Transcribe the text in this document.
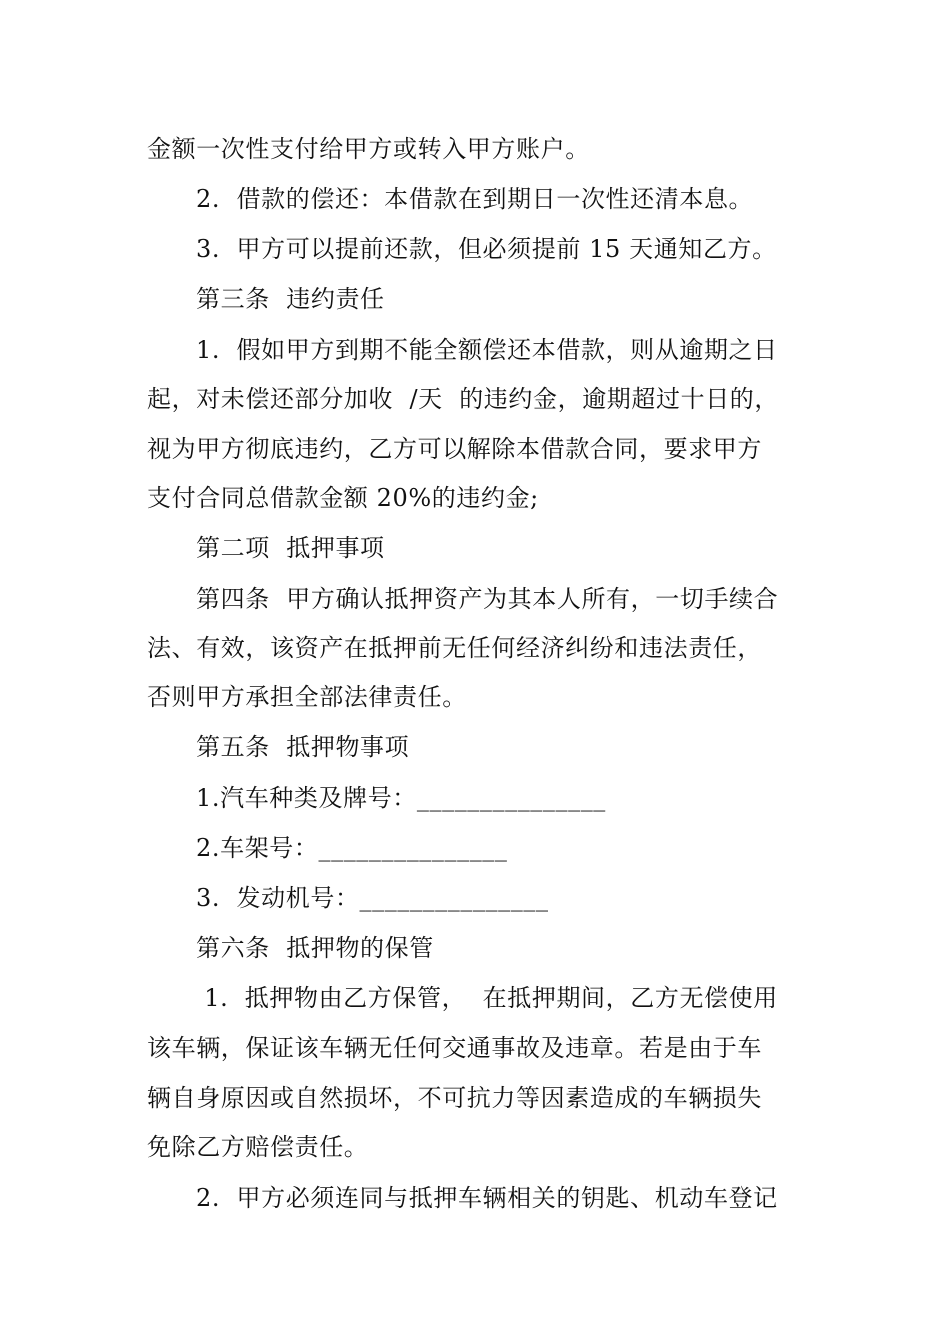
金额一次性支付给甲方或转入甲方账户。
2.  借款的偿还：本借款在到期日一次性还清本息。
3.  甲方可以提前还款，但必须提前 15 天通知乙方。
第三条  违约责任
1.  假如甲方到期不能全额偿还本借款，则从逾期之日
起，对未偿还部分加收  /天  的违约金，逾期超过十日的，
视为甲方彻底违约，乙方可以解除本借款合同，要求甲方
支付合同总借款金额 20%的违约金;
第二项  抵押事项
第四条  甲方确认抵押资产为其本人所有，一切手续合
法、有效，该资产在抵押前无任何经济纠纷和违法责任，
否则甲方承担全部法律责任。
第五条  抵押物事项
1.汽车种类及牌号：_______________
2.车架号：_______________
3.  发动机号：_______________
第六条  抵押物的保管
1.  抵押物由乙方保管，  在抵押期间，乙方无偿使用
该车辆，保证该车辆无任何交通事故及违章。若是由于车
辆自身原因或自然损坏，不可抗力等因素造成的车辆损失
免除乙方赔偿责任。
2.  甲方必须连同与抵押车辆相关的钥匙、机动车登记
